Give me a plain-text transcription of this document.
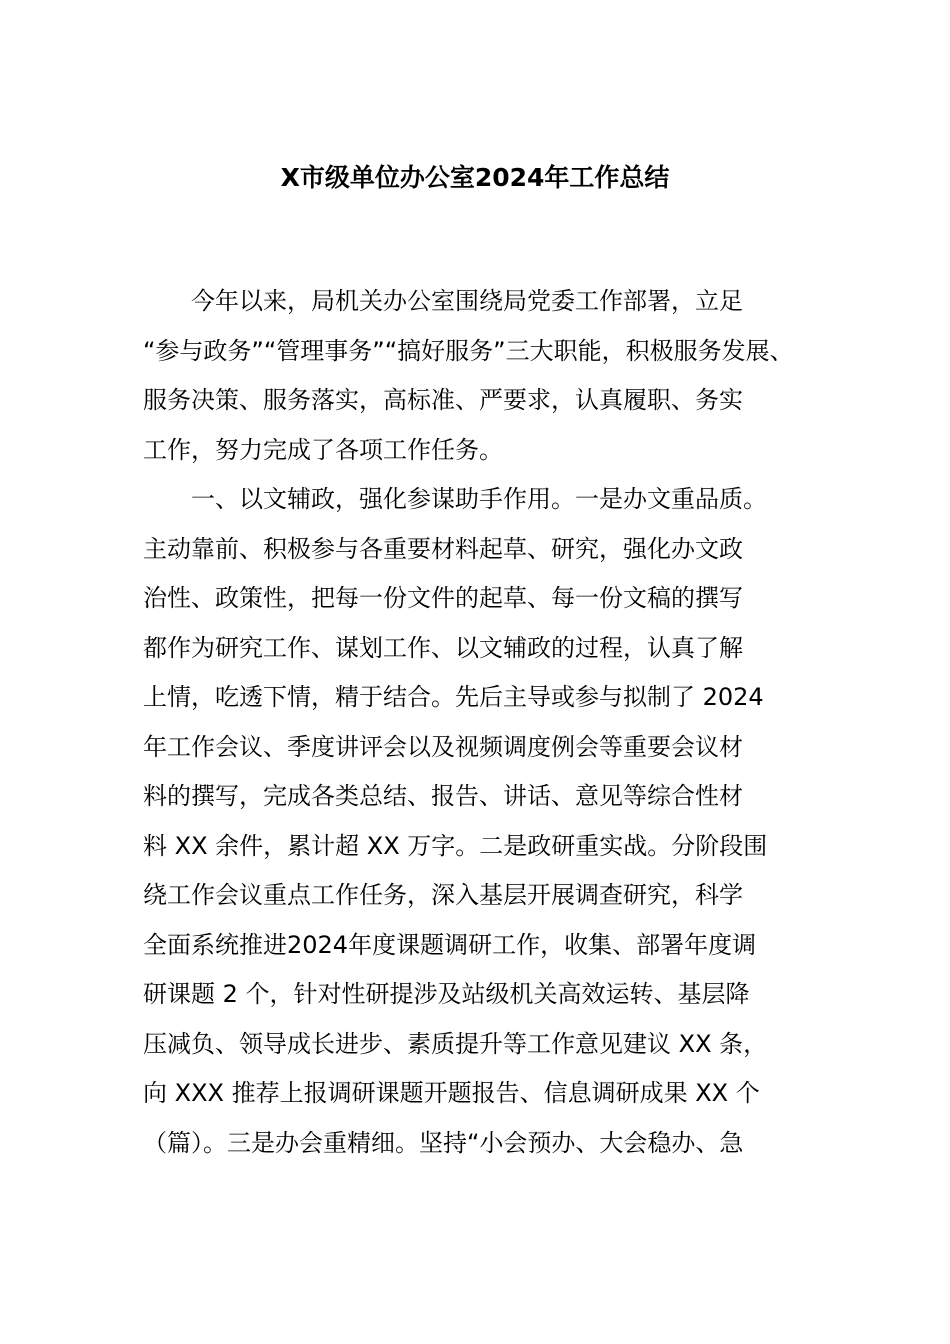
X市级单位办公室2024年工作总结

今年以来，局机关办公室围绕局党委工作部署，立足
“参与政务”“管理事务”“搞好服务”三大职能，积极服务发展、
服务决策、服务落实，高标准、严要求，认真履职、务实
工作，努力完成了各项工作任务。

一、以文辅政，强化参谋助手作用。一是办文重品质。
主动靠前、积极参与各重要材料起草、研究，强化办文政
治性、政策性，把每一份文件的起草、每一份文稿的撰写
都作为研究工作、谋划工作、以文辅政的过程，认真了解
上情，吃透下情，精于结合。先后主导或参与拟制了 2024
年工作会议、季度讲评会以及视频调度例会等重要会议材
料的撰写，完成各类总结、报告、讲话、意见等综合性材
料 XX 余件，累计超 XX 万字。二是政研重实战。分阶段围
绕工作会议重点工作任务，深入基层开展调查研究，科学
全面系统推进2024年度课题调研工作，收集、部署年度调
研课题 2 个，针对性研提涉及站级机关高效运转、基层降
压减负、领导成长进步、素质提升等工作意见建议 XX 条，
向 XXX 推荐上报调研课题开题报告、信息调研成果 XX 个
（篇）。三是办会重精细。坚持“小会预办、大会稳办、急
